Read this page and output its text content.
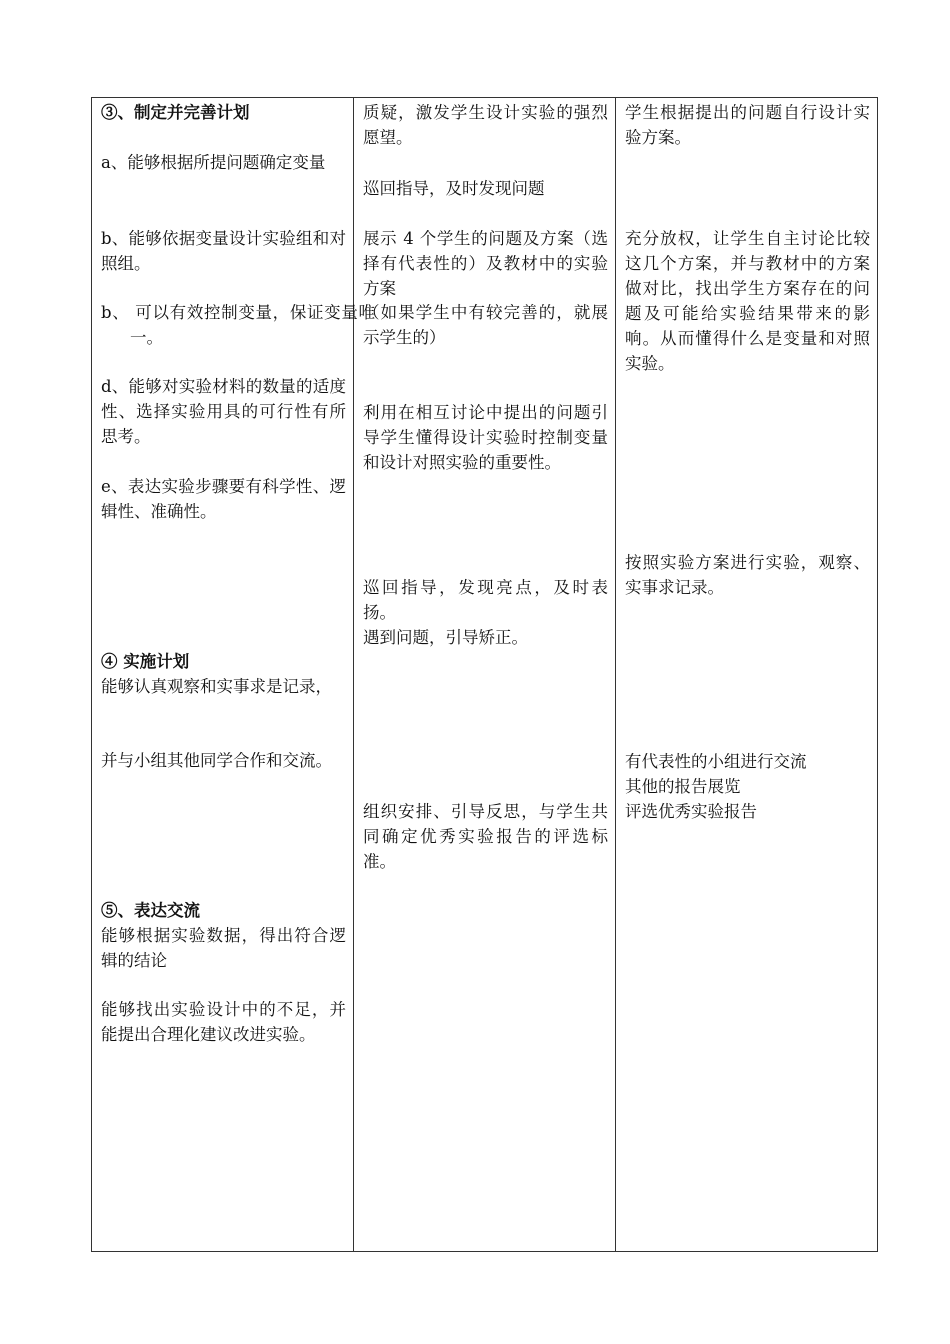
③、制定并完善计划

a、能够根据所提问题确定变量

b、能够依据变量设计实验组和对照组。

b、 可以有效控制变量，保证变量唯一。

d、能够对实验材料的数量的适度性、选择实验用具的可行性有所思考。

e、表达实验步骤要有科学性、逻辑性、准确性。

④ 实施计划

能够认真观察和实事求是记录，

并与小组其他同学合作和交流。

⑤、表达交流

能够根据实验数据，得出符合逻辑的结论

能够找出实验设计中的不足，并能提出合理化建议改进实验。

质疑，激发学生设计实验的强烈愿望。

巡回指导，及时发现问题

展示 4 个学生的问题及方案（选择有代表性的）及教材中的实验方案

（如果学生中有较完善的，就展示学生的）

利用在相互讨论中提出的问题引导学生懂得设计实验时控制变量和设计对照实验的重要性。

巡回指导，发现亮点，及时表扬。

遇到问题，引导矫正。

组织安排、引导反思，与学生共同确定优秀实验报告的评选标准。

学生根据提出的问题自行设计实验方案。

充分放权，让学生自主讨论比较这几个方案，并与教材中的方案做对比，找出学生方案存在的问题及可能给实验结果带来的影响。从而懂得什么是变量和对照实验。

按照实验方案进行实验，观察、实事求记录。

有代表性的小组进行交流
其他的报告展览
评选优秀实验报告
